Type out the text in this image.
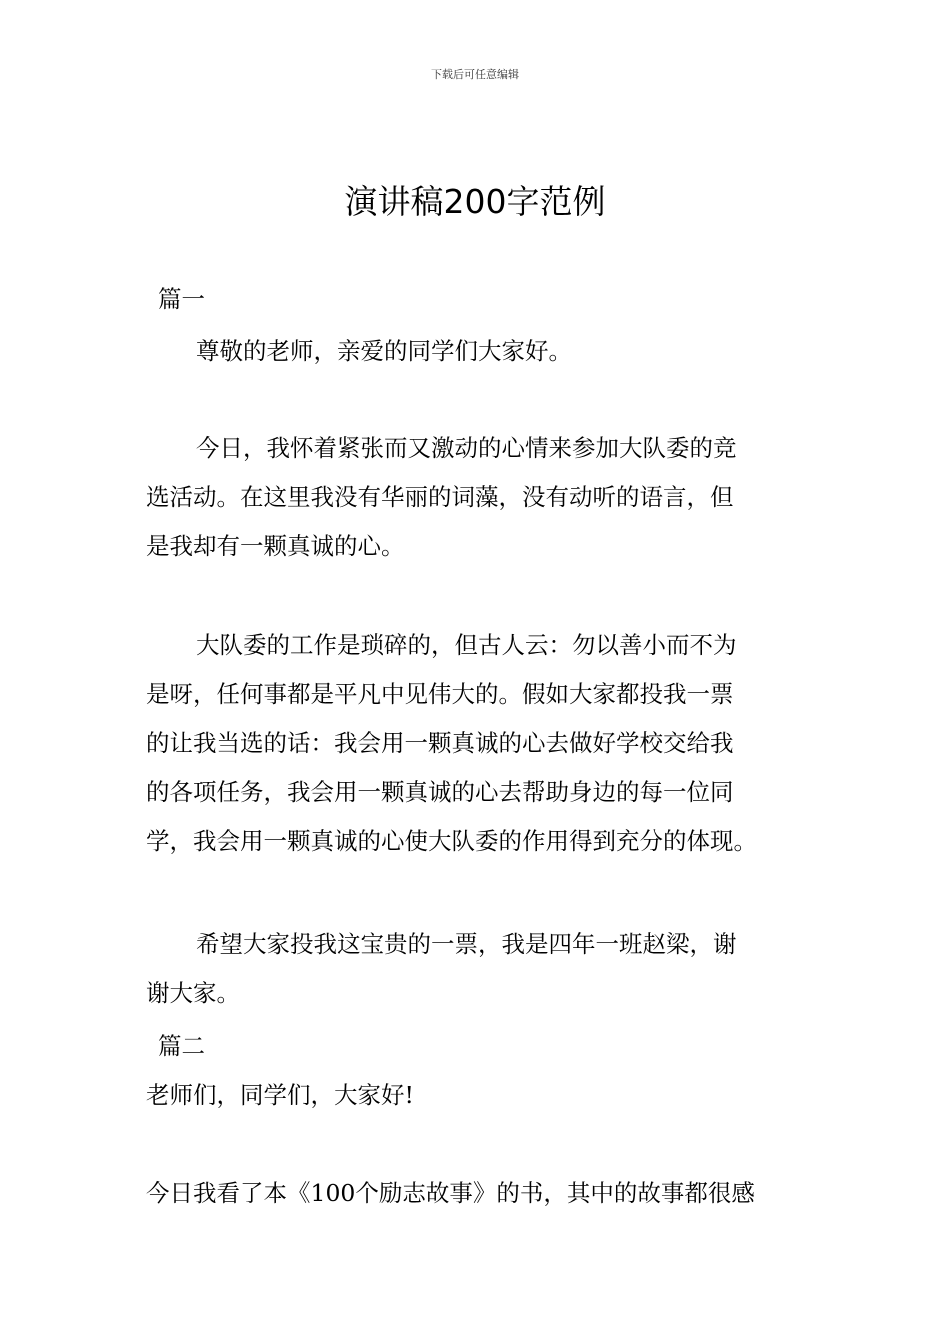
下载后可任意编辑
演讲稿200字范例
篇一
尊敬的老师，亲爱的同学们大家好。
今日，我怀着紧张而又激动的心情来参加大队委的竞
选活动。在这里我没有华丽的词藻，没有动听的语言，但
是我却有一颗真诚的心。
大队委的工作是琐碎的，但古人云：勿以善小而不为
是呀，任何事都是平凡中见伟大的。假如大家都投我一票
的让我当选的话：我会用一颗真诚的心去做好学校交给我
的各项任务，我会用一颗真诚的心去帮助身边的每一位同
学，我会用一颗真诚的心使大队委的作用得到充分的体现。
希望大家投我这宝贵的一票，我是四年一班赵梁，谢
谢大家。
篇二
老师们，同学们，大家好!
今日我看了本《100个励志故事》的书，其中的故事都很感
